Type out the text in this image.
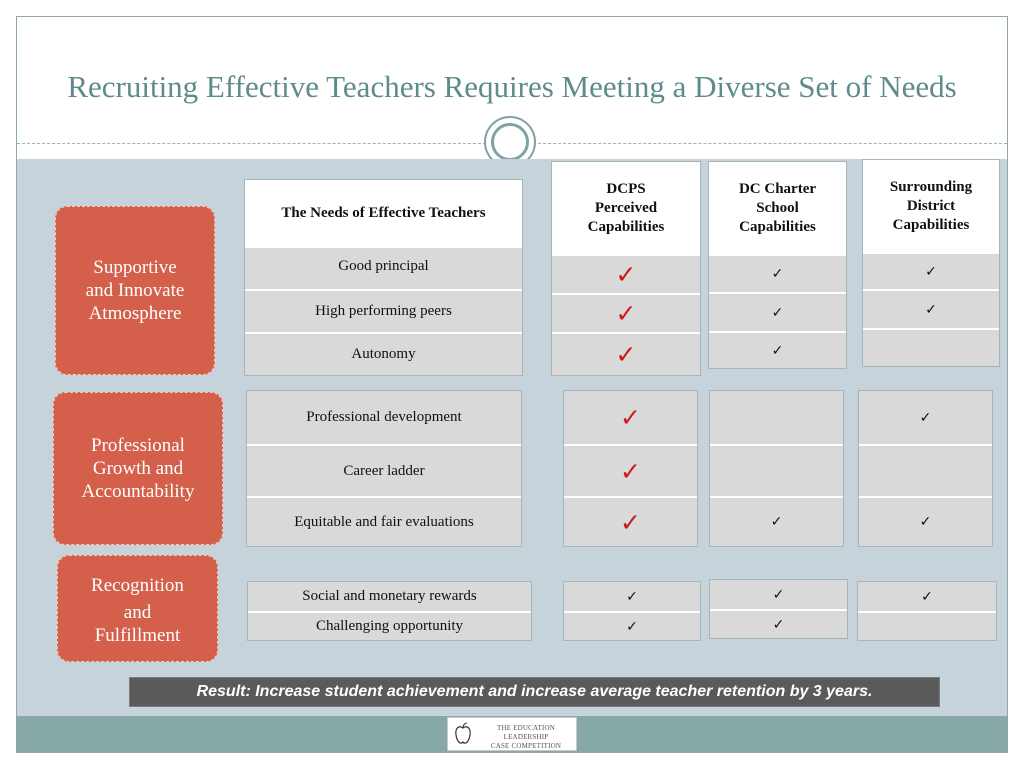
Recruiting Effective Teachers Requires Meeting a Diverse Set of Needs
THE EDUCATION LEADERSHIP
CASE COMPETITION
Supportive
and Innovate
Atmosphere
Professional
Growth and
Accountability
Recognition
and
Fulfillment
The Needs of Effective Teachers
Good principal
High performing peers
Autonomy
DCPS
Perceived
Capabilities
✓
✓
✓
DC Charter
School
Capabilities
✓
✓
✓
Surrounding
District
Capabilities
✓
✓
Professional development
Career ladder
Equitable and fair evaluations
✓
✓
✓	✓
✓
✓
Social and monetary rewards
Challenging opportunity
✓
✓
✓
✓
✓
Result: Increase student achievement and increase average teacher retention by 3 years.
